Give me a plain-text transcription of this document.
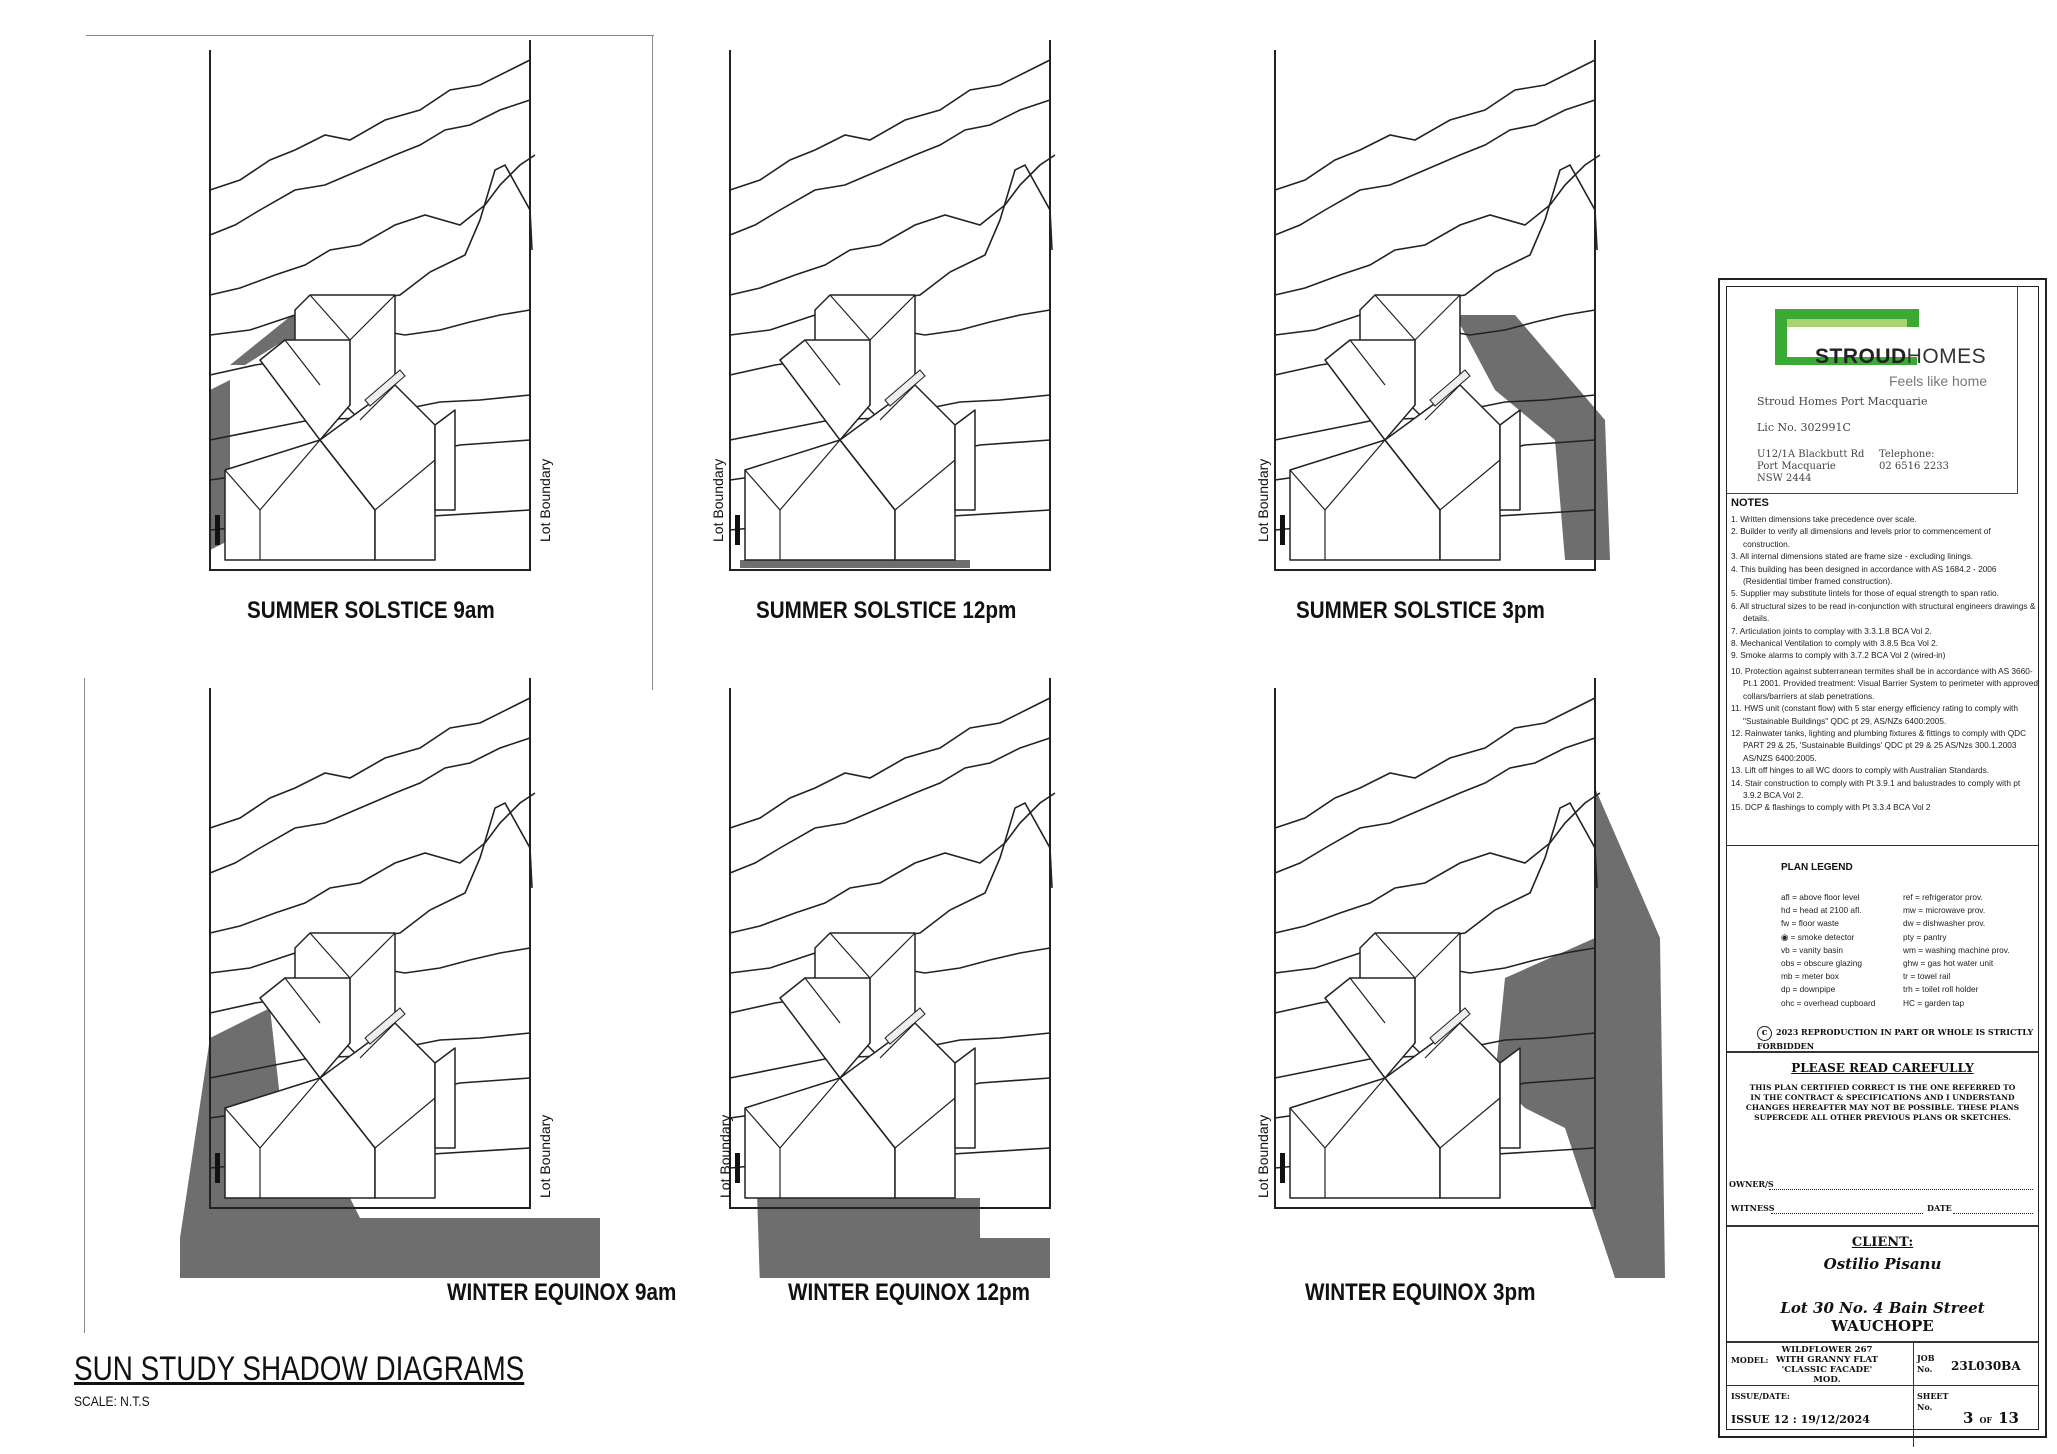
SUMMER SOLSTICE 9am	SUMMER SOLSTICE 12pm	SUMMER SOLSTICE 3pm
WINTER EQUINOX 9am	WINTER EQUINOX 12pm	WINTER EQUINOX 3pm
Lot Boundary	Lot Boundary	Lot Boundary
Lot Boundary	Lot Boundary	Lot Boundary
SUN STUDY SHADOW DIAGRAMS
SCALE: N.T.S
STROUDHOMES
Feels like home
Stroud Homes Port Macquarie
Lic No. 302991C
U12/1A Blackbutt Rd
Port Macquarie
NSW 2444
Telephone:
02 6516 2233
NOTES
1. Written dimensions take precedence over scale.
2. Builder to verify all dimensions and levels prior to commencement of construction.
3. All internal dimensions stated are frame size - excluding linings.
4. This building has been designed in accordance with AS 1684.2 - 2006 (Residential timber framed construction).
5. Supplier may substitute lintels for those of equal strength to span ratio.
6. All structural sizes to be read in-conjunction with structural engineers drawings & details.
7. Articulation joints to complay with 3.3.1.8 BCA Vol 2.
8. Mechanical Ventilation to comply with 3.8.5 Bca Vol 2.
9. Smoke alarms to comply with 3.7.2 BCA Vol 2 (wired-in)
10. Protection against subterranean termites shall be in accordance with AS 3660-Pt.1 2001. Provided treatment: Visual Barrier System to perimeter with approved collars/barriers at slab penetrations.
11. HWS unit (constant flow) with 5 star energy efficiency rating to comply with "Sustainable Buildings" QDC pt 29, AS/NZs 6400:2005.
12. Rainwater tanks, lighting and plumbing fixtures & fittings to comply with QDC PART 29 & 25, 'Sustainable Buildings' QDC pt 29 & 25 AS/Nzs 300.1.2003 AS/NZS 6400:2005.
13. Lift off hinges to all WC doors to comply with Australian Standards.
14. Stair construction to comply with Pt 3.9.1 and balustrades to comply with pt 3.9.2 BCA Vol 2.
15. DCP & flashings to comply with Pt 3.3.4 BCA Vol 2
PLAN LEGEND
afl = above floor level
hd = head at 2100 afl.
fw = floor waste
◉ = smoke detector
vb = vanity basin
obs = obscure glazing
mb = meter box
dp = downpipe
ohc = overhead cupboard
ref = refrigerator prov.
mw = microwave prov.
dw = dishwasher prov.
pty = pantry
wm = washing machine prov.
ghw = gas hot water unit
tr = towel rail
trh = toilet roll holder
HC = garden tap
c 2023 REPRODUCTION IN PART OR WHOLE IS STRICTLY FORBIDDEN
PLEASE READ CAREFULLY
THIS PLAN CERTIFIED CORRECT IS THE ONE REFERRED TO IN THE CONTRACT & SPECIFICATIONS AND I UNDERSTAND CHANGES HEREAFTER MAY NOT BE POSSIBLE. THESE PLANS SUPERCEDE ALL OTHER PREVIOUS PLANS OR SKETCHES.
OWNER/S
WITNESS	DATE
CLIENT:
Ostilio Pisanu
Lot 30 No. 4 Bain Street
WAUCHOPE
MODEL:
WILDFLOWER 267 WITH GRANNY FLAT 'CLASSIC FACADE' MOD.
JOB No.	23L030BA
ISSUE/DATE:
ISSUE 12 : 19/12/2024
SHEET No.
3 OF 13
